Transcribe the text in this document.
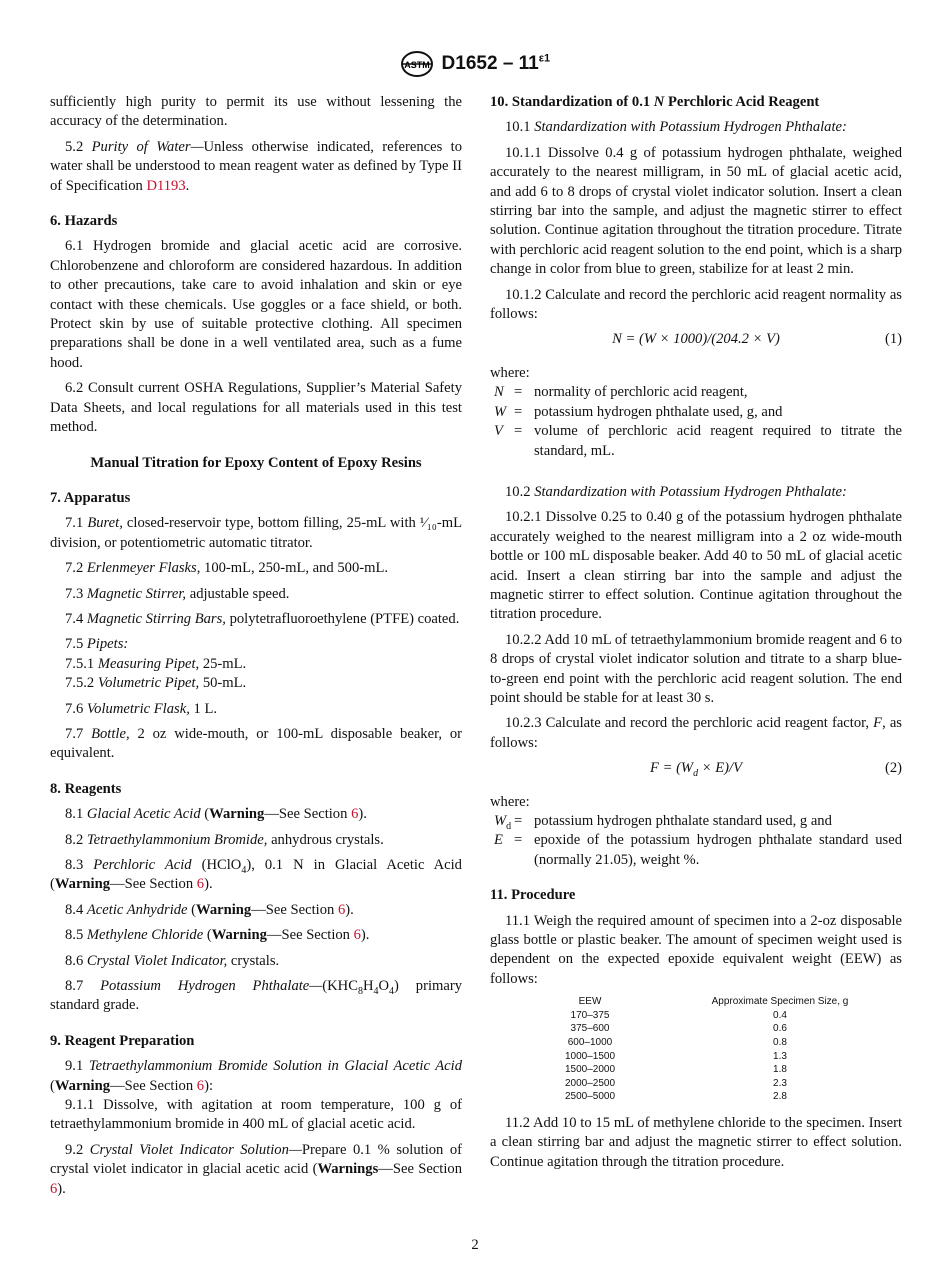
ASTM $D1652 - 11^{\varepsilon 1}$
sufficiently high purity to permit its use without lessening the accuracy of the determination.
5.2 Purity of Water—Unless otherwise indicated, references to water shall be understood to mean reagent water as defined by Type II of Specification D1193.
6. Hazards
6.1 Hydrogen bromide and glacial acetic acid are corrosive. Chlorobenzene and chloroform are considered hazardous. In addition to other precautions, take care to avoid inhalation and skin or eye contact with these chemicals. Use goggles or a face shield, or both. Protect skin by use of suitable protective clothing. All specimen preparations shall be done in a well ventilated area, such as a fume hood.
6.2 Consult current OSHA Regulations, Supplier’s Material Safety Data Sheets, and local regulations for all materials used in this test method.
Manual Titration for Epoxy Content of Epoxy Resins
7. Apparatus
7.1 Buret, closed-reservoir type, bottom filling, 25-mL with ¹⁄₁₀-mL division, or potentiometric automatic titrator.
7.2 Erlenmeyer Flasks, 100-mL, 250-mL, and 500-mL.
7.3 Magnetic Stirrer, adjustable speed.
7.4 Magnetic Stirring Bars, polytetrafluoroethylene (PTFE) coated.
7.5 Pipets:
7.5.1 Measuring Pipet, 25-mL.
7.5.2 Volumetric Pipet, 50-mL.
7.6 Volumetric Flask, 1 L.
7.7 Bottle, 2 oz wide-mouth, or 100-mL disposable beaker, or equivalent.
8. Reagents
8.1 Glacial Acetic Acid (Warning—See Section 6).
8.2 Tetraethylammonium Bromide, anhydrous crystals.
8.3 Perchloric Acid (HClO$_4$), 0.1 N in Glacial Acetic Acid (Warning—See Section 6).
8.4 Acetic Anhydride (Warning—See Section 6).
8.5 Methylene Chloride (Warning—See Section 6).
8.6 Crystal Violet Indicator, crystals.
8.7 Potassium Hydrogen $Phthalate—(KHC_8H_4O_4)$ primary standard grade.
9. Reagent Preparation
9.1 Tetraethylammonium Bromide Solution in Glacial Acetic Acid (Warning—See Section 6):
9.1.1 Dissolve, with agitation at room temperature, 100 g of tetraethylammonium bromide in 400 mL of glacial acetic acid.
9.2 Crystal Violet Indicator Solution—Prepare 0.1 % solution of crystal violet indicator in glacial acetic acid (Warnings—See Section 6).
10. Standardization of 0.1 N Perchloric Acid Reagent
10.1 Standardization with Potassium Hydrogen Phthalate:
10.1.1 Dissolve 0.4 g of potassium hydrogen phthalate, weighed accurately to the nearest milligram, in 50 mL of glacial acetic acid, and add 6 to 8 drops of crystal violet indicator solution. Insert a clean stirring bar into the sample, and adjust the magnetic stirrer to effect solution. Continue agitation throughout the titration procedure. Titrate with perchloric acid reagent solution to the end point, which is a sharp change in color from blue to green, stabilize for at least 2 min.
10.1.2 Calculate and record the perchloric acid reagent normality as follows:
N = (W × 1000)/(204.2 × V)	(1)
where:
N = normality of perchloric acid reagent,
W = potassium hydrogen phthalate used, g, and
V = volume of perchloric acid reagent required to titrate the standard, mL.
10.2 Standardization with Potassium Hydrogen Phthalate:
10.2.1 Dissolve 0.25 to 0.40 g of the potassium hydrogen phthalate accurately weighed to the nearest milligram into a 2 oz wide-mouth bottle or 100 mL disposable beaker. Add 40 to 50 mL of glacial acetic acid. Insert a clean stirring bar into the sample and adjust the magnetic stirrer to effect solution. Continue agitation throughout the titration procedure.
10.2.2 Add 10 mL of tetraethylammonium bromide reagent and 6 to 8 drops of crystal violet indicator solution and titrate to a sharp blue-to-green end point with the perchloric acid reagent solution. The end point should be stable for at least 30 s.
10.2.3 Calculate and record the perchloric acid reagent factor, F, as follows:
$F = (W_d \times E)/V$	(2)
where:
$W_d$ = potassium hydrogen phthalate standard used, g and
E = epoxide of the potassium hydrogen phthalate standard used (normally 21.05), weight %.
11. Procedure
11.1 Weigh the required amount of specimen into a 2-oz disposable glass bottle or plastic beaker. The amount of specimen weight used is dependent on the expected epoxide equivalent weight (EEW) as follows:
EEW	Approximate Specimen Size, g
170–375	0.4
375–600	0.6
600–1000	0.8
1000–1500	1.3
1500–2000	1.8
2000–2500	2.3
2500–5000	2.8
11.2 Add 10 to 15 mL of methylene chloride to the specimen. Insert a clean stirring bar and adjust the magnetic stirrer to effect solution. Continue agitation through the titration procedure.
2
